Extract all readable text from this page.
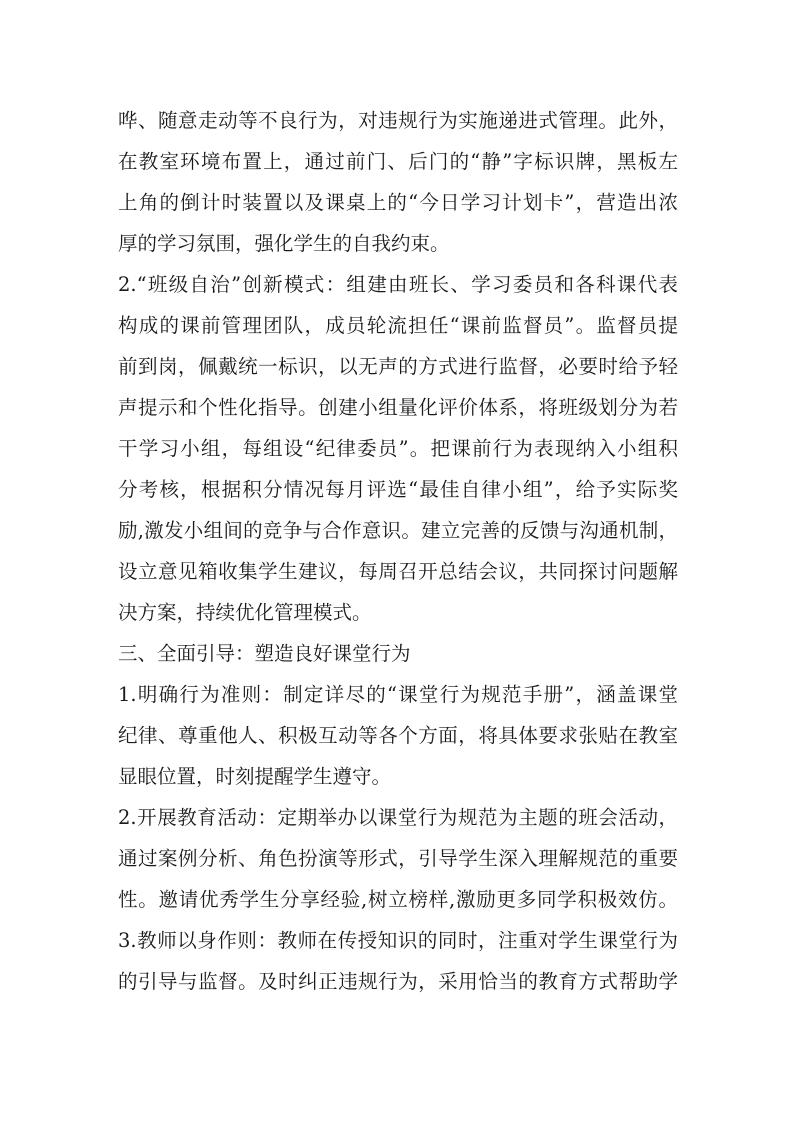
哗、随意走动等不良行为，对违规行为实施递进式管理。此外，
在教室环境布置上，通过前门、后门的“静”字标识牌，黑板左
上角的倒计时装置以及课桌上的“今日学习计划卡”，营造出浓
厚的学习氛围，强化学生的自我约束。
2.“班级自治”创新模式：组建由班长、学习委员和各科课代表
构成的课前管理团队，成员轮流担任“课前监督员”。监督员提
前到岗，佩戴统一标识，以无声的方式进行监督，必要时给予轻
声提示和个性化指导。创建小组量化评价体系，将班级划分为若
干学习小组，每组设“纪律委员”。把课前行为表现纳入小组积
分考核，根据积分情况每月评选“最佳自律小组”，给予实际奖
励,激发小组间的竞争与合作意识。建立完善的反馈与沟通机制，
设立意见箱收集学生建议，每周召开总结会议，共同探讨问题解
决方案，持续优化管理模式。
三、全面引导：塑造良好课堂行为
1.明确行为准则：制定详尽的“课堂行为规范手册”，涵盖课堂
纪律、尊重他人、积极互动等各个方面，将具体要求张贴在教室
显眼位置，时刻提醒学生遵守。
2.开展教育活动：定期举办以课堂行为规范为主题的班会活动，
通过案例分析、角色扮演等形式，引导学生深入理解规范的重要
性。邀请优秀学生分享经验,树立榜样,激励更多同学积极效仿。
3.教师以身作则：教师在传授知识的同时，注重对学生课堂行为
的引导与监督。及时纠正违规行为，采用恰当的教育方式帮助学
